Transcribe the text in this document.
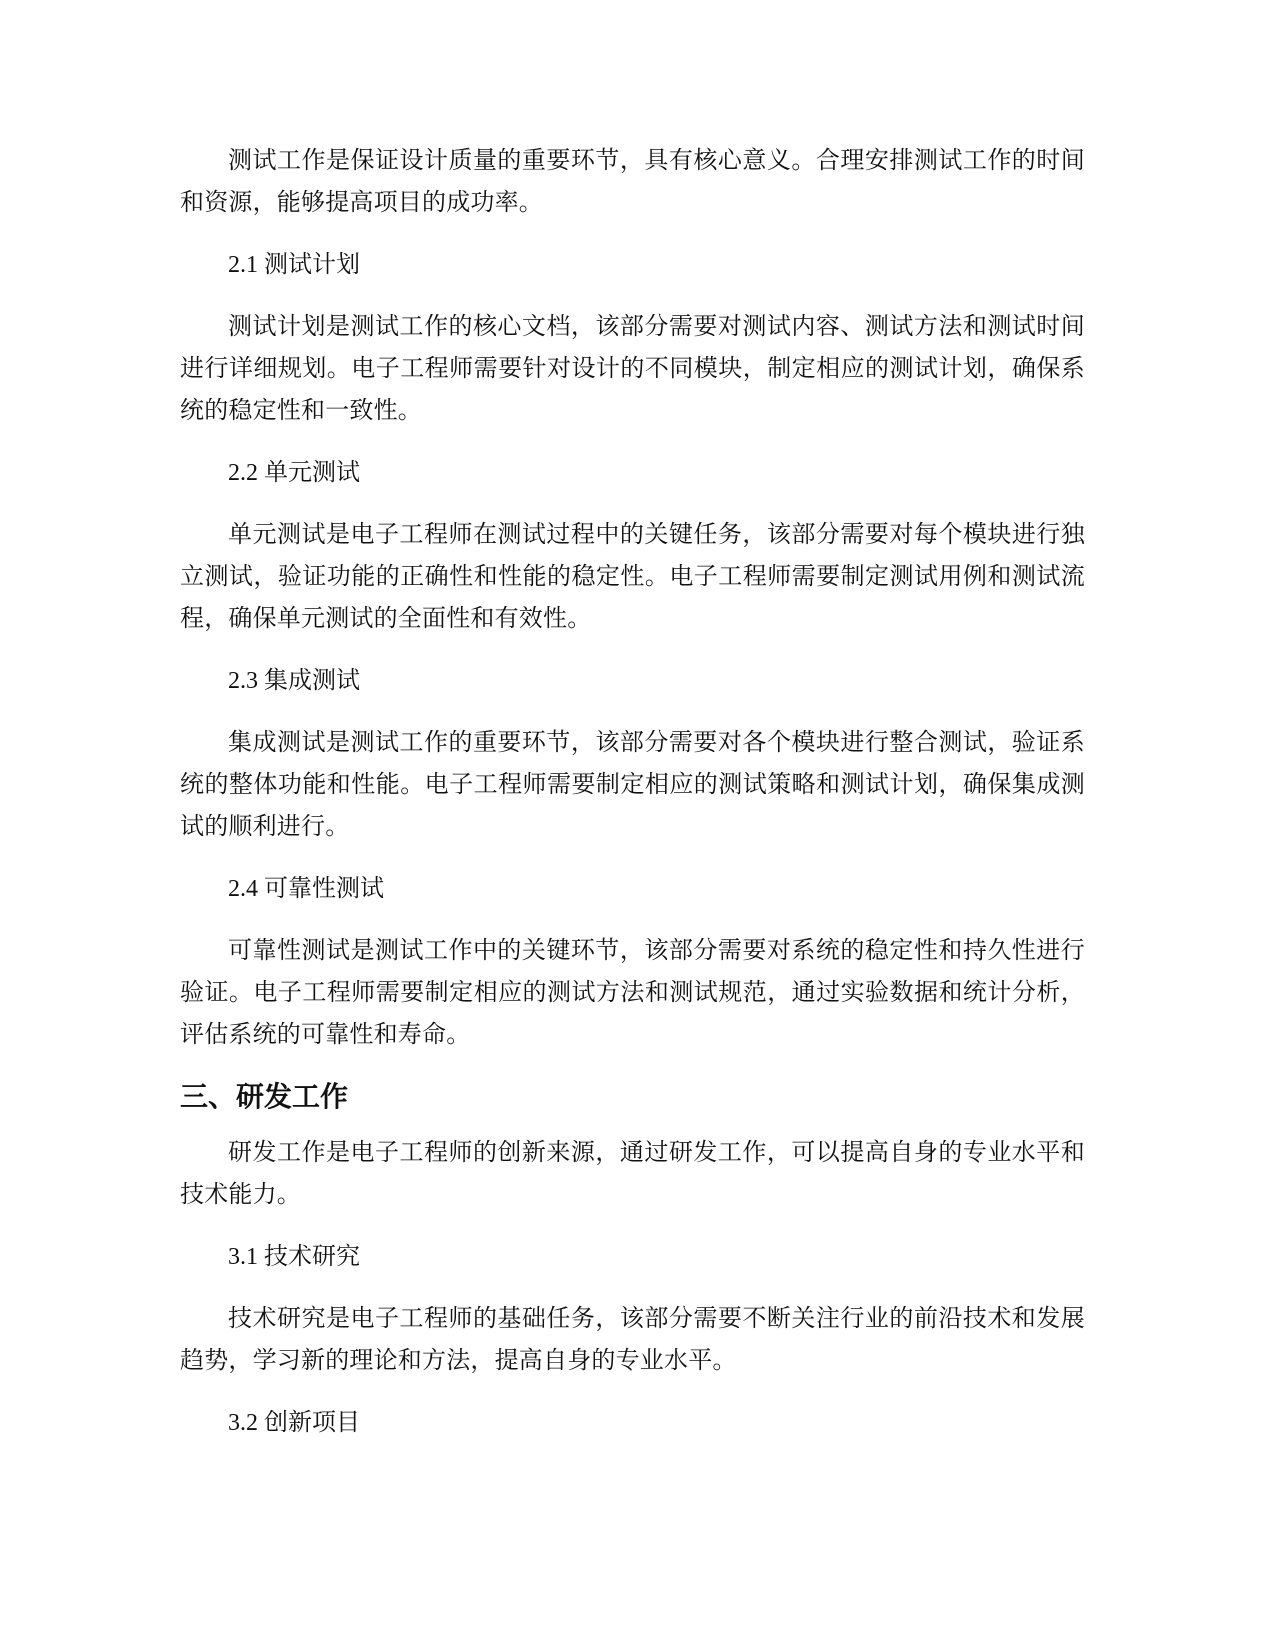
测试工作是保证设计质量的重要环节，具有核心意义。合理安排测试工作的时间和资源，能够提高项目的成功率。

2.1 测试计划

测试计划是测试工作的核心文档，该部分需要对测试内容、测试方法和测试时间进行详细规划。电子工程师需要针对设计的不同模块，制定相应的测试计划，确保系统的稳定性和一致性。

2.2 单元测试

单元测试是电子工程师在测试过程中的关键任务，该部分需要对每个模块进行独立测试，验证功能的正确性和性能的稳定性。电子工程师需要制定测试用例和测试流程，确保单元测试的全面性和有效性。

2.3 集成测试

集成测试是测试工作的重要环节，该部分需要对各个模块进行整合测试，验证系统的整体功能和性能。电子工程师需要制定相应的测试策略和测试计划，确保集成测试的顺利进行。

2.4 可靠性测试

可靠性测试是测试工作中的关键环节，该部分需要对系统的稳定性和持久性进行验证。电子工程师需要制定相应的测试方法和测试规范，通过实验数据和统计分析，评估系统的可靠性和寿命。

三、研发工作

研发工作是电子工程师的创新来源，通过研发工作，可以提高自身的专业水平和技术能力。

3.1 技术研究

技术研究是电子工程师的基础任务，该部分需要不断关注行业的前沿技术和发展趋势，学习新的理论和方法，提高自身的专业水平。

3.2 创新项目
